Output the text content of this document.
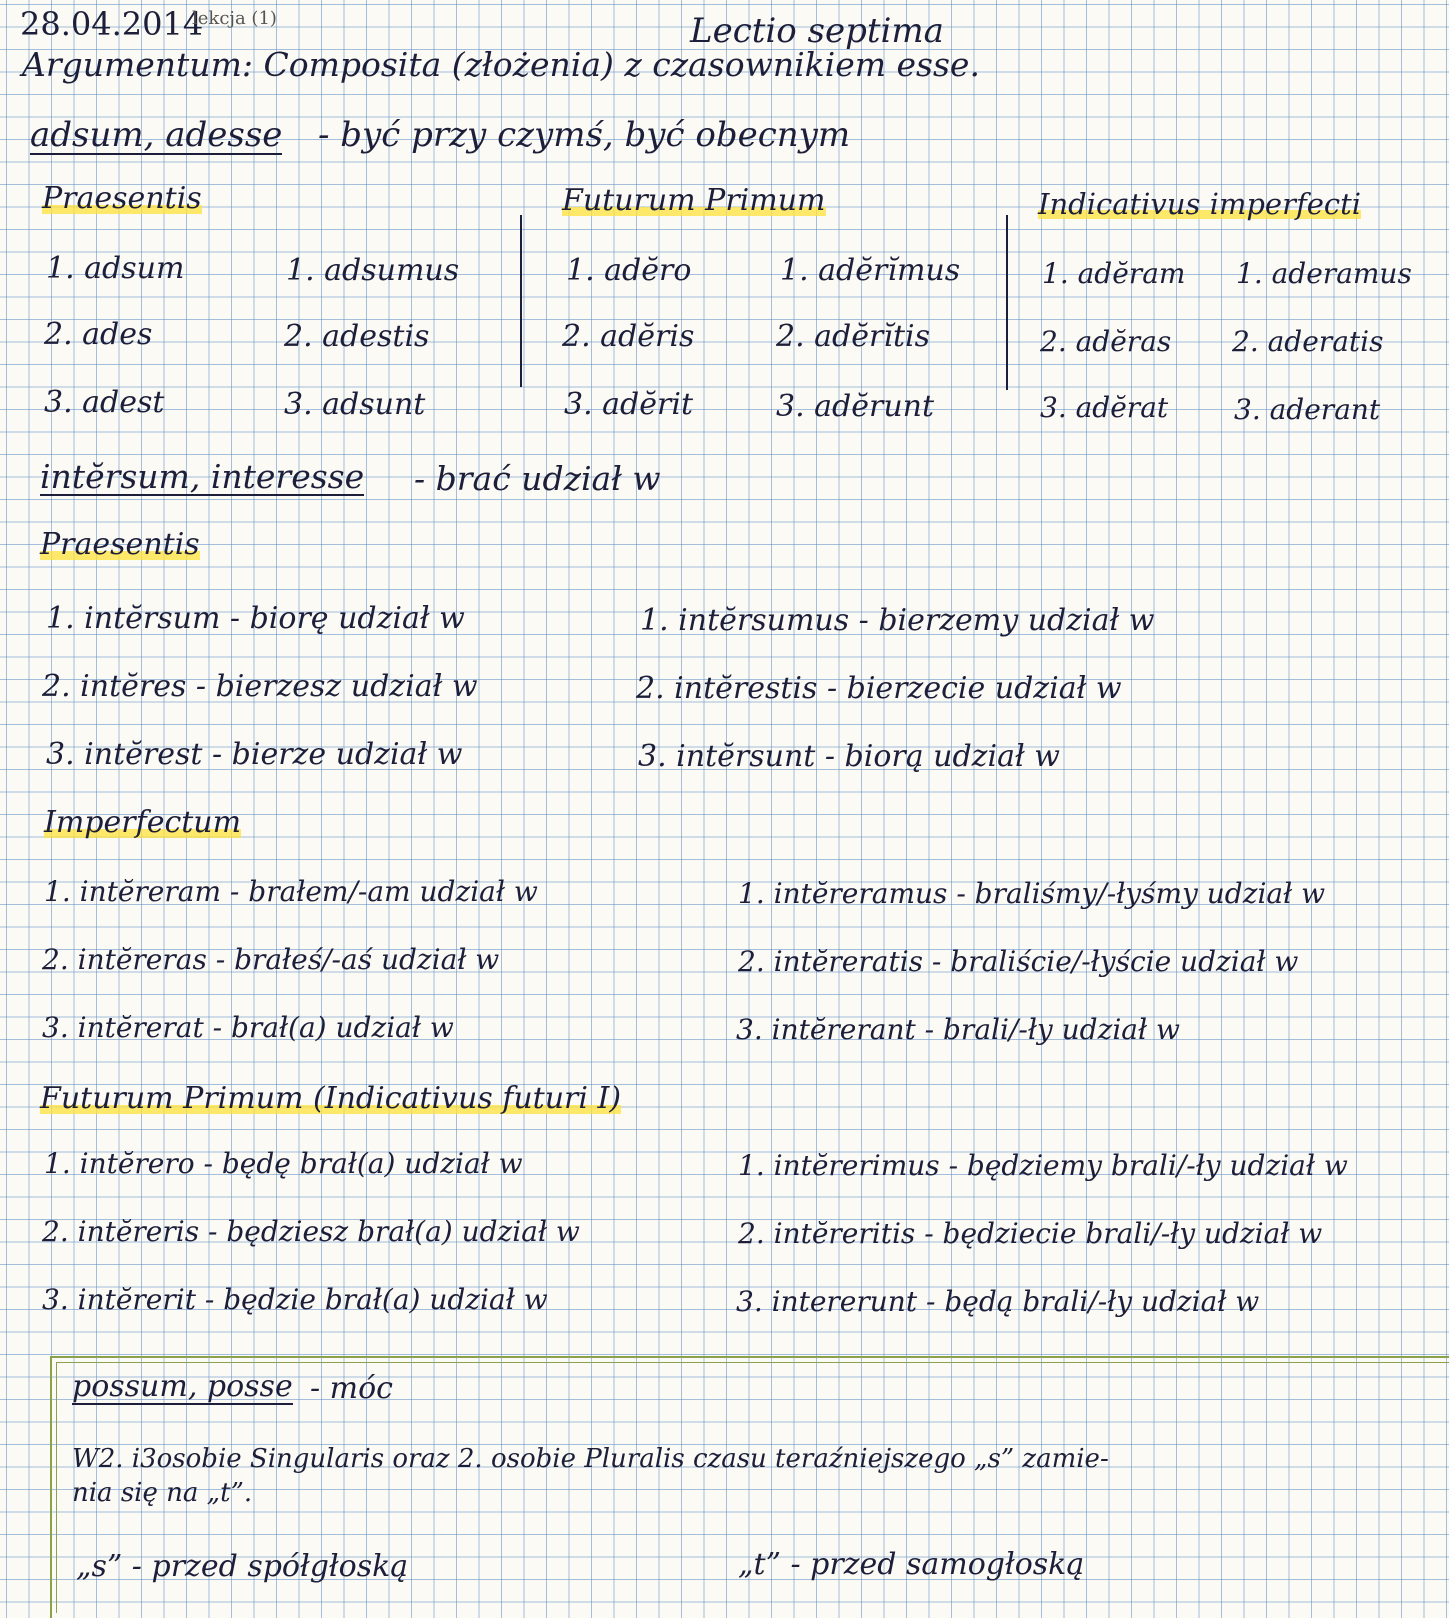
28.04.2014
lekcja (1)	Lectio septima
Argumentum: Composita (złożenia) z czasownikiem esse.
adsum, adesse - być przy czymś, być obecnym
Praesentis
1. adsum	1. adsumus
2. ades	2. adestis
3. adest	3. adsunt
Futurum Primum
1. adĕro	1. adĕrĭmus
2. adĕris	2. adĕrĭtis
3. adĕrit	3. adĕrunt
Indicativus imperfecti
1. adĕram 1. aderamus
2. adĕras 2. aderatis
3. adĕrat 3. aderant
intĕrsum, interesse - brać udział w
Praesentis
1. intĕrsum - biorę udział w	1. intĕrsumus - bierzemy udział w
2. intĕres - bierzesz udział w	2. intĕrestis - bierzecie udział w
3. intĕrest - bierze udział w	3. intĕrsunt - biorą udział w
Imperfectum
1. intĕreram - brałem/-am udział w	1. intĕreramus - braliśmy/-łyśmy udział w
2. intĕreras - brałeś/-aś udział w	2. intĕreratis - braliście/-łyście udział w
3. intĕrerat - brał(a) udział w	3. intĕrerant - brali/-ły udział w
Futurum Primum (Indicativus futuri I)
1. intĕrero - będę brał(a) udział w	1. intĕrerimus - będziemy brali/-ły udział w
2. intĕreris - będziesz brał(a) udział w	2. intĕreritis - będziecie brali/-ły udział w
3. intĕrerit - będzie brał(a) udział w	3. intererunt - będą brali/-ły udział w
possum, posse - móc
W2. i3osobie Singularis oraz 2. osobie Pluralis czasu teraźniejszego „s” zamie-
nia się na „t”.
„s” - przed spółgłoską	„t” - przed samogłoską
